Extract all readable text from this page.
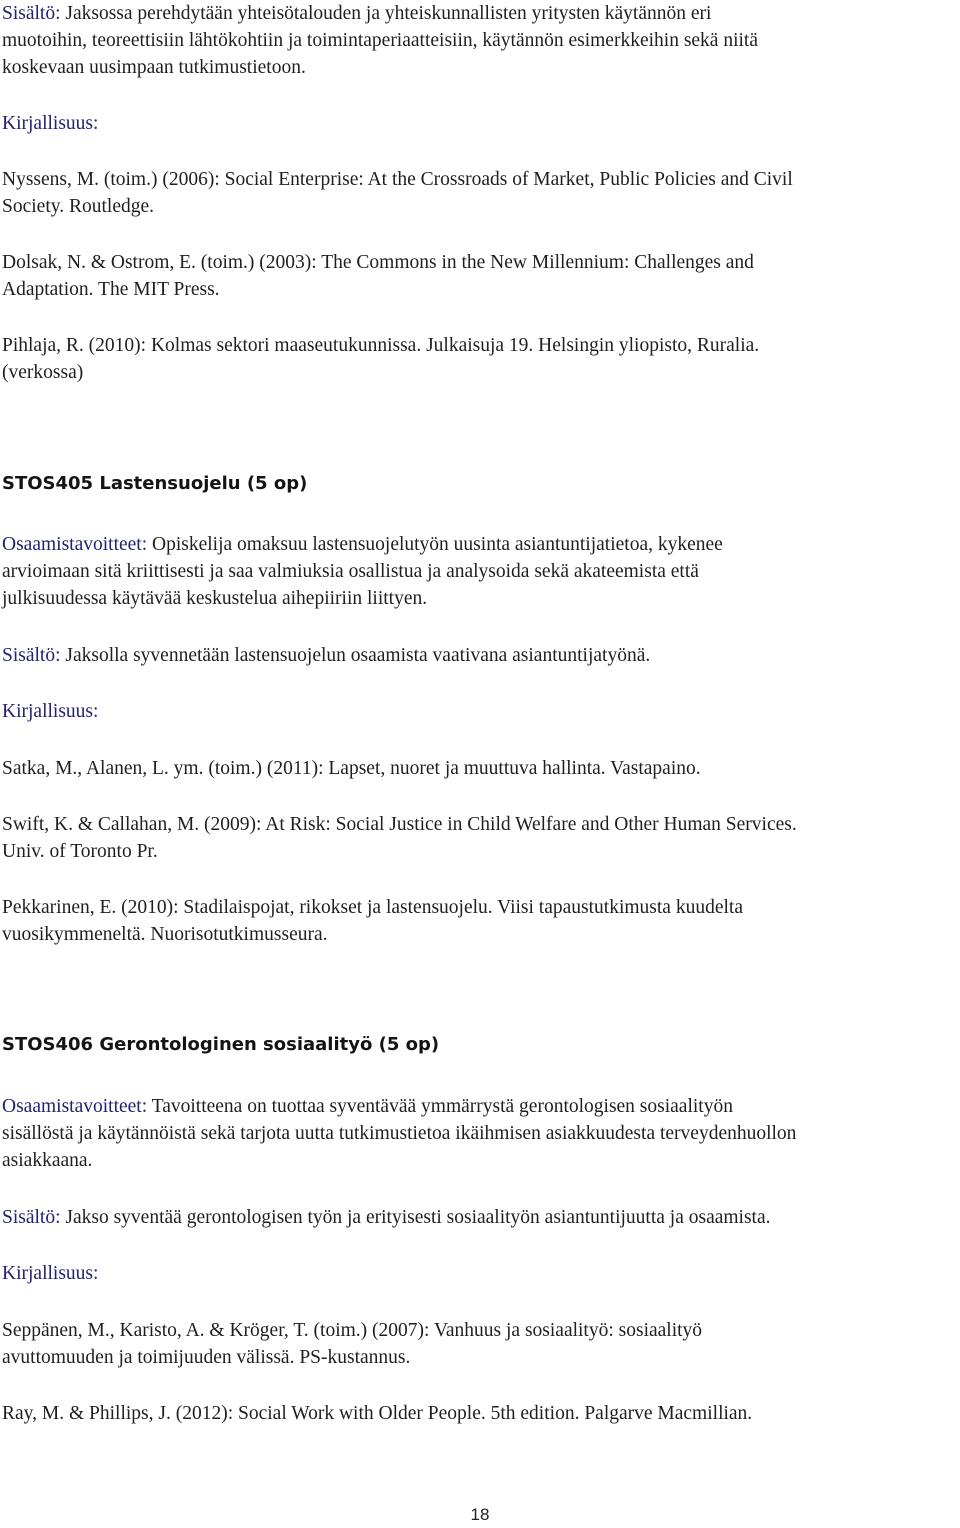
Sisältö: Jaksossa perehdytään yhteisötalouden ja yhteiskunnallisten yritysten käytännön eri
muotoihin, teoreettisiin lähtökohtiin ja toimintaperiaatteisiin, käytännön esimerkkeihin sekä niitä
koskevaan uusimpaan tutkimustietoon.

Kirjallisuus:

Nyssens, M. (toim.) (2006): Social Enterprise: At the Crossroads of Market, Public Policies and Civil
Society. Routledge.

Dolsak, N. & Ostrom, E. (toim.) (2003): The Commons in the New Millennium: Challenges and
Adaptation. The MIT Press.

Pihlaja, R. (2010): Kolmas sektori maaseutukunnissa. Julkaisuja 19. Helsingin yliopisto, Ruralia.
(verkossa)

STOS405 Lastensuojelu (5 op)

Osaamistavoitteet: Opiskelija omaksuu lastensuojelutyön uusinta asiantuntijatietoa, kykenee
arvioimaan sitä kriittisesti ja saa valmiuksia osallistua ja analysoida sekä akateemista että
julkisuudessa käytävää keskustelua aihepiiriin liittyen.

Sisältö: Jaksolla syvennetään lastensuojelun osaamista vaativana asiantuntijatyönä.

Kirjallisuus:

Satka, M., Alanen, L. ym. (toim.) (2011): Lapset, nuoret ja muuttuva hallinta. Vastapaino.

Swift, K. & Callahan, M. (2009): At Risk: Social Justice in Child Welfare and Other Human Services.
Univ. of Toronto Pr.

Pekkarinen, E. (2010): Stadilaispojat, rikokset ja lastensuojelu. Viisi tapaustutkimusta kuudelta
vuosikymmeneltä. Nuorisotutkimusseura.

STOS406 Gerontologinen sosiaalityö (5 op)

Osaamistavoitteet: Tavoitteena on tuottaa syventävää ymmärrystä gerontologisen sosiaalityön
sisällöstä ja käytännöistä sekä tarjota uutta tutkimustietoa ikäihmisen asiakkuudesta terveydenhuollon
asiakkaana.

Sisältö: Jakso syventää gerontologisen työn ja erityisesti sosiaalityön asiantuntijuutta ja osaamista.

Kirjallisuus:

Seppänen, M., Karisto, A. & Kröger, T. (toim.) (2007): Vanhuus ja sosiaalityö: sosiaalityö
avuttomuuden ja toimijuuden välissä. PS-kustannus.

Ray, M. & Phillips, J. (2012): Social Work with Older People. 5th edition. Palgarve Macmillian.

18
